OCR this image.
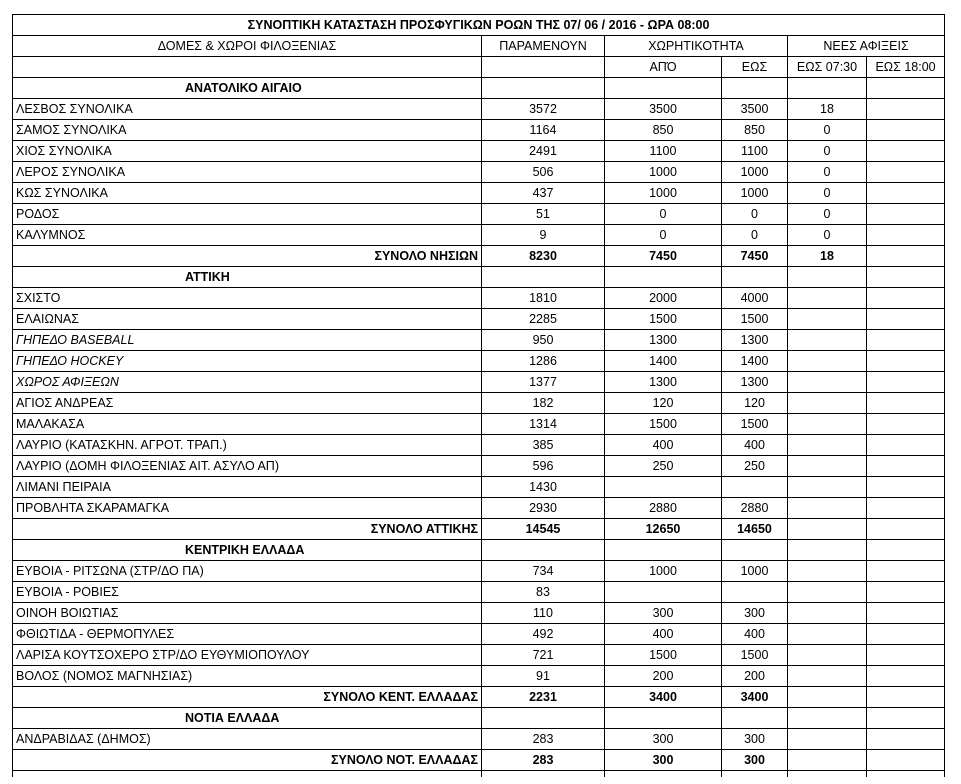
ΣΥΝΟΠΤΙΚΗ ΚΑΤΑΣΤΑΣΗ ΠΡΟΣΦΥΓΙΚΩΝ ΡΟΩΝ ΤΗΣ 07/ 06 / 2016 - ΩΡΑ 08:00					
ΔΟΜΕΣ & ΧΩΡΟΙ ΦΙΛΟΞΕΝΙΑΣ	ΠΑΡΑΜΕΝΟΥΝ	ΧΩΡΗΤΙΚΟΤΗΤΑ		ΝΕΕΣ ΑΦΙΞΕΙΣ	
		ΑΠΌ	ΕΩΣ	ΕΩΣ 07:30	ΕΩΣ 18:00
ΑΝΑΤΟΛΙΚΟ ΑΙΓΑΙΟ					
ΛΕΣΒΟΣ ΣΥΝΟΛΙΚΑ	3572	3500	3500	18	
ΣΑΜΟΣ ΣΥΝΟΛΙΚΑ	1164	850	850	0	
ΧΙΟΣ ΣΥΝΟΛΙΚΑ	2491	1100	1100	0	
ΛΕΡΟΣ ΣΥΝΟΛΙΚΑ	506	1000	1000	0	
ΚΩΣ ΣΥΝΟΛΙΚΑ	437	1000	1000	0	
ΡΟΔΟΣ	51	0	0	0	
ΚΑΛΥΜΝΟΣ	9	0	0	0	
ΣΥΝΟΛΟ ΝΗΣΙΩΝ	8230	7450	7450	18	
ΑΤΤΙΚΗ					
ΣΧΙΣΤΟ	1810	2000	4000		
ΕΛΑΙΩΝΑΣ	2285	1500	1500		
ΓΗΠΕΔΟ BASEBALL	950	1300	1300		
ΓΗΠΕΔΟ HOCKEY	1286	1400	1400		
ΧΩΡΟΣ ΑΦΙΞΕΩΝ	1377	1300	1300		
ΑΓΙΟΣ ΑΝΔΡΕΑΣ	182	120	120		
ΜΑΛΑΚΑΣΑ	1314	1500	1500		
ΛΑΥΡΙΟ (ΚΑΤΑΣΚΗΝ. ΑΓΡΟΤ. ΤΡΑΠ.)	385	400	400		
ΛΑΥΡΙΟ (ΔΟΜΗ ΦΙΛΟΞΕΝΙΑΣ ΑΙΤ. ΑΣΥΛΟ ΑΠ)	596	250	250		
ΛΙΜΑΝΙ ΠΕΙΡΑΙΑ	1430				
ΠΡΟΒΛΗΤΑ ΣΚΑΡΑΜΑΓΚΑ	2930	2880	2880		
ΣΥΝΟΛΟ ΑΤΤΙΚΗΣ	14545	12650	14650		
ΚΕΝΤΡΙΚΗ ΕΛΛΑΔΑ					
ΕΥΒΟΙΑ - ΡΙΤΣΩΝΑ (ΣΤΡ/ΔΟ ΠΑ)	734	1000	1000		
ΕΥΒΟΙΑ - ΡΟΒΙΕΣ	83				
ΟΙΝΟΗ ΒΟΙΩΤΙΑΣ	110	300	300		
ΦΘΙΩΤΙΔΑ - ΘΕΡΜΟΠΥΛΕΣ	492	400	400		
ΛΑΡΙΣΑ ΚΟΥΤΣΟΧΕΡΟ ΣΤΡ/ΔΟ ΕΥΘΥΜΙΟΠΟΥΛΟΥ	721	1500	1500		
ΒΟΛΟΣ (ΝΟΜΟΣ ΜΑΓΝΗΣΙΑΣ)	91	200	200		
ΣΥΝΟΛΟ ΚΕΝΤ. ΕΛΛΑΔΑΣ	2231	3400	3400		
ΝΟΤΙΑ ΕΛΛΑΔΑ					
ΑΝΔΡΑΒΙΔΑΣ (ΔΗΜΟΣ)	283	300	300		
ΣΥΝΟΛΟ ΝΟΤ. ΕΛΛΑΔΑΣ	283	300	300		
